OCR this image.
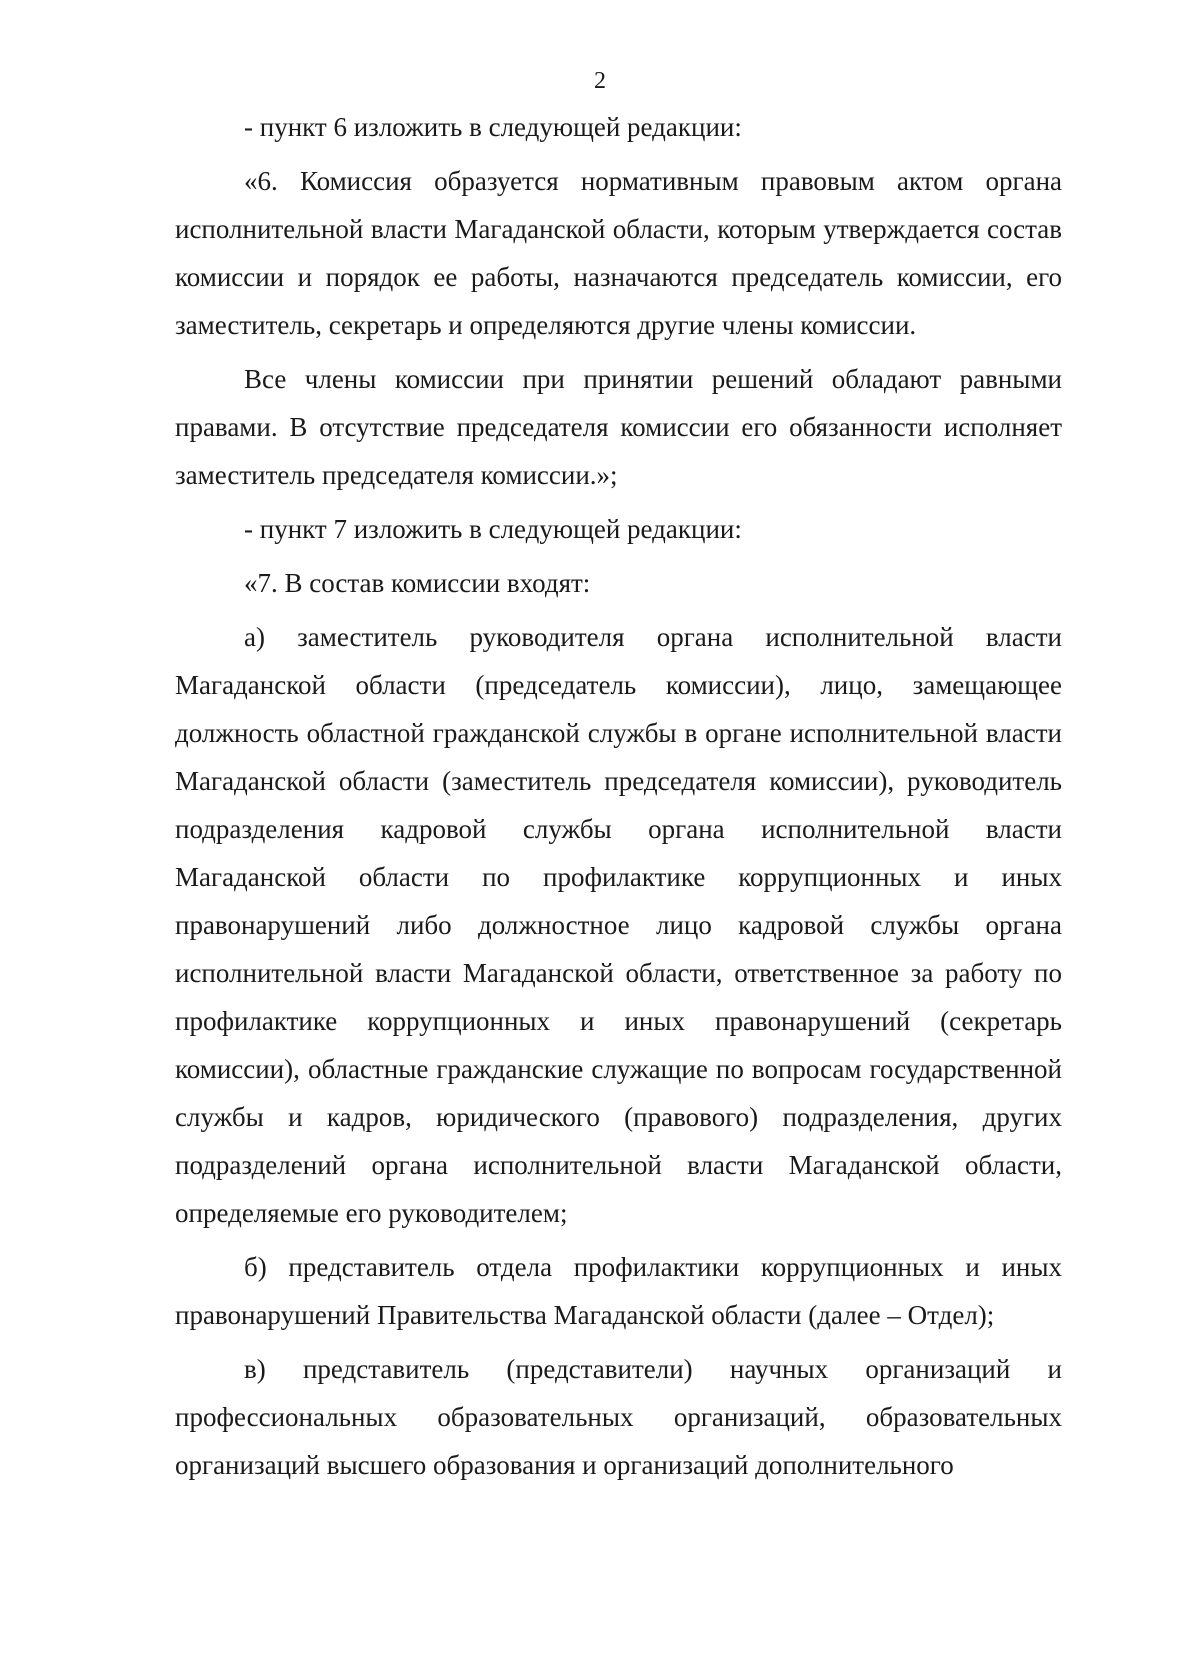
2

- пункт 6 изложить в следующей редакции:

«6. Комиссия образуется нормативным правовым актом органа исполнительной власти Магаданской области, которым утверждается состав комиссии и порядок ее работы, назначаются председатель комиссии, его заместитель, секретарь и определяются другие члены комиссии.

Все члены комиссии при принятии решений обладают равными правами. В отсутствие председателя комиссии его обязанности исполняет заместитель председателя комиссии.»;

- пункт 7 изложить в следующей редакции:

«7. В состав комиссии входят:

а) заместитель руководителя органа исполнительной власти Магаданской области (председатель комиссии), лицо, замещающее должность областной гражданской службы в органе исполнительной власти Магаданской области (заместитель председателя комиссии), руководитель подразделения кадровой службы органа исполнительной власти Магаданской области по профилактике коррупционных и иных правонарушений либо должностное лицо кадровой службы органа исполнительной власти Магаданской области, ответственное за работу по профилактике коррупционных и иных правонарушений (секретарь комиссии), областные гражданские служащие по вопросам государственной службы и кадров, юридического (правового) подразделения, других подразделений органа исполнительной власти Магаданской области, определяемые его руководителем;

б) представитель отдела профилактики коррупционных и иных правонарушений Правительства Магаданской области (далее – Отдел);

в) представитель (представители) научных организаций и профессиональных образовательных организаций, образовательных организаций высшего образования и организаций дополнительного
